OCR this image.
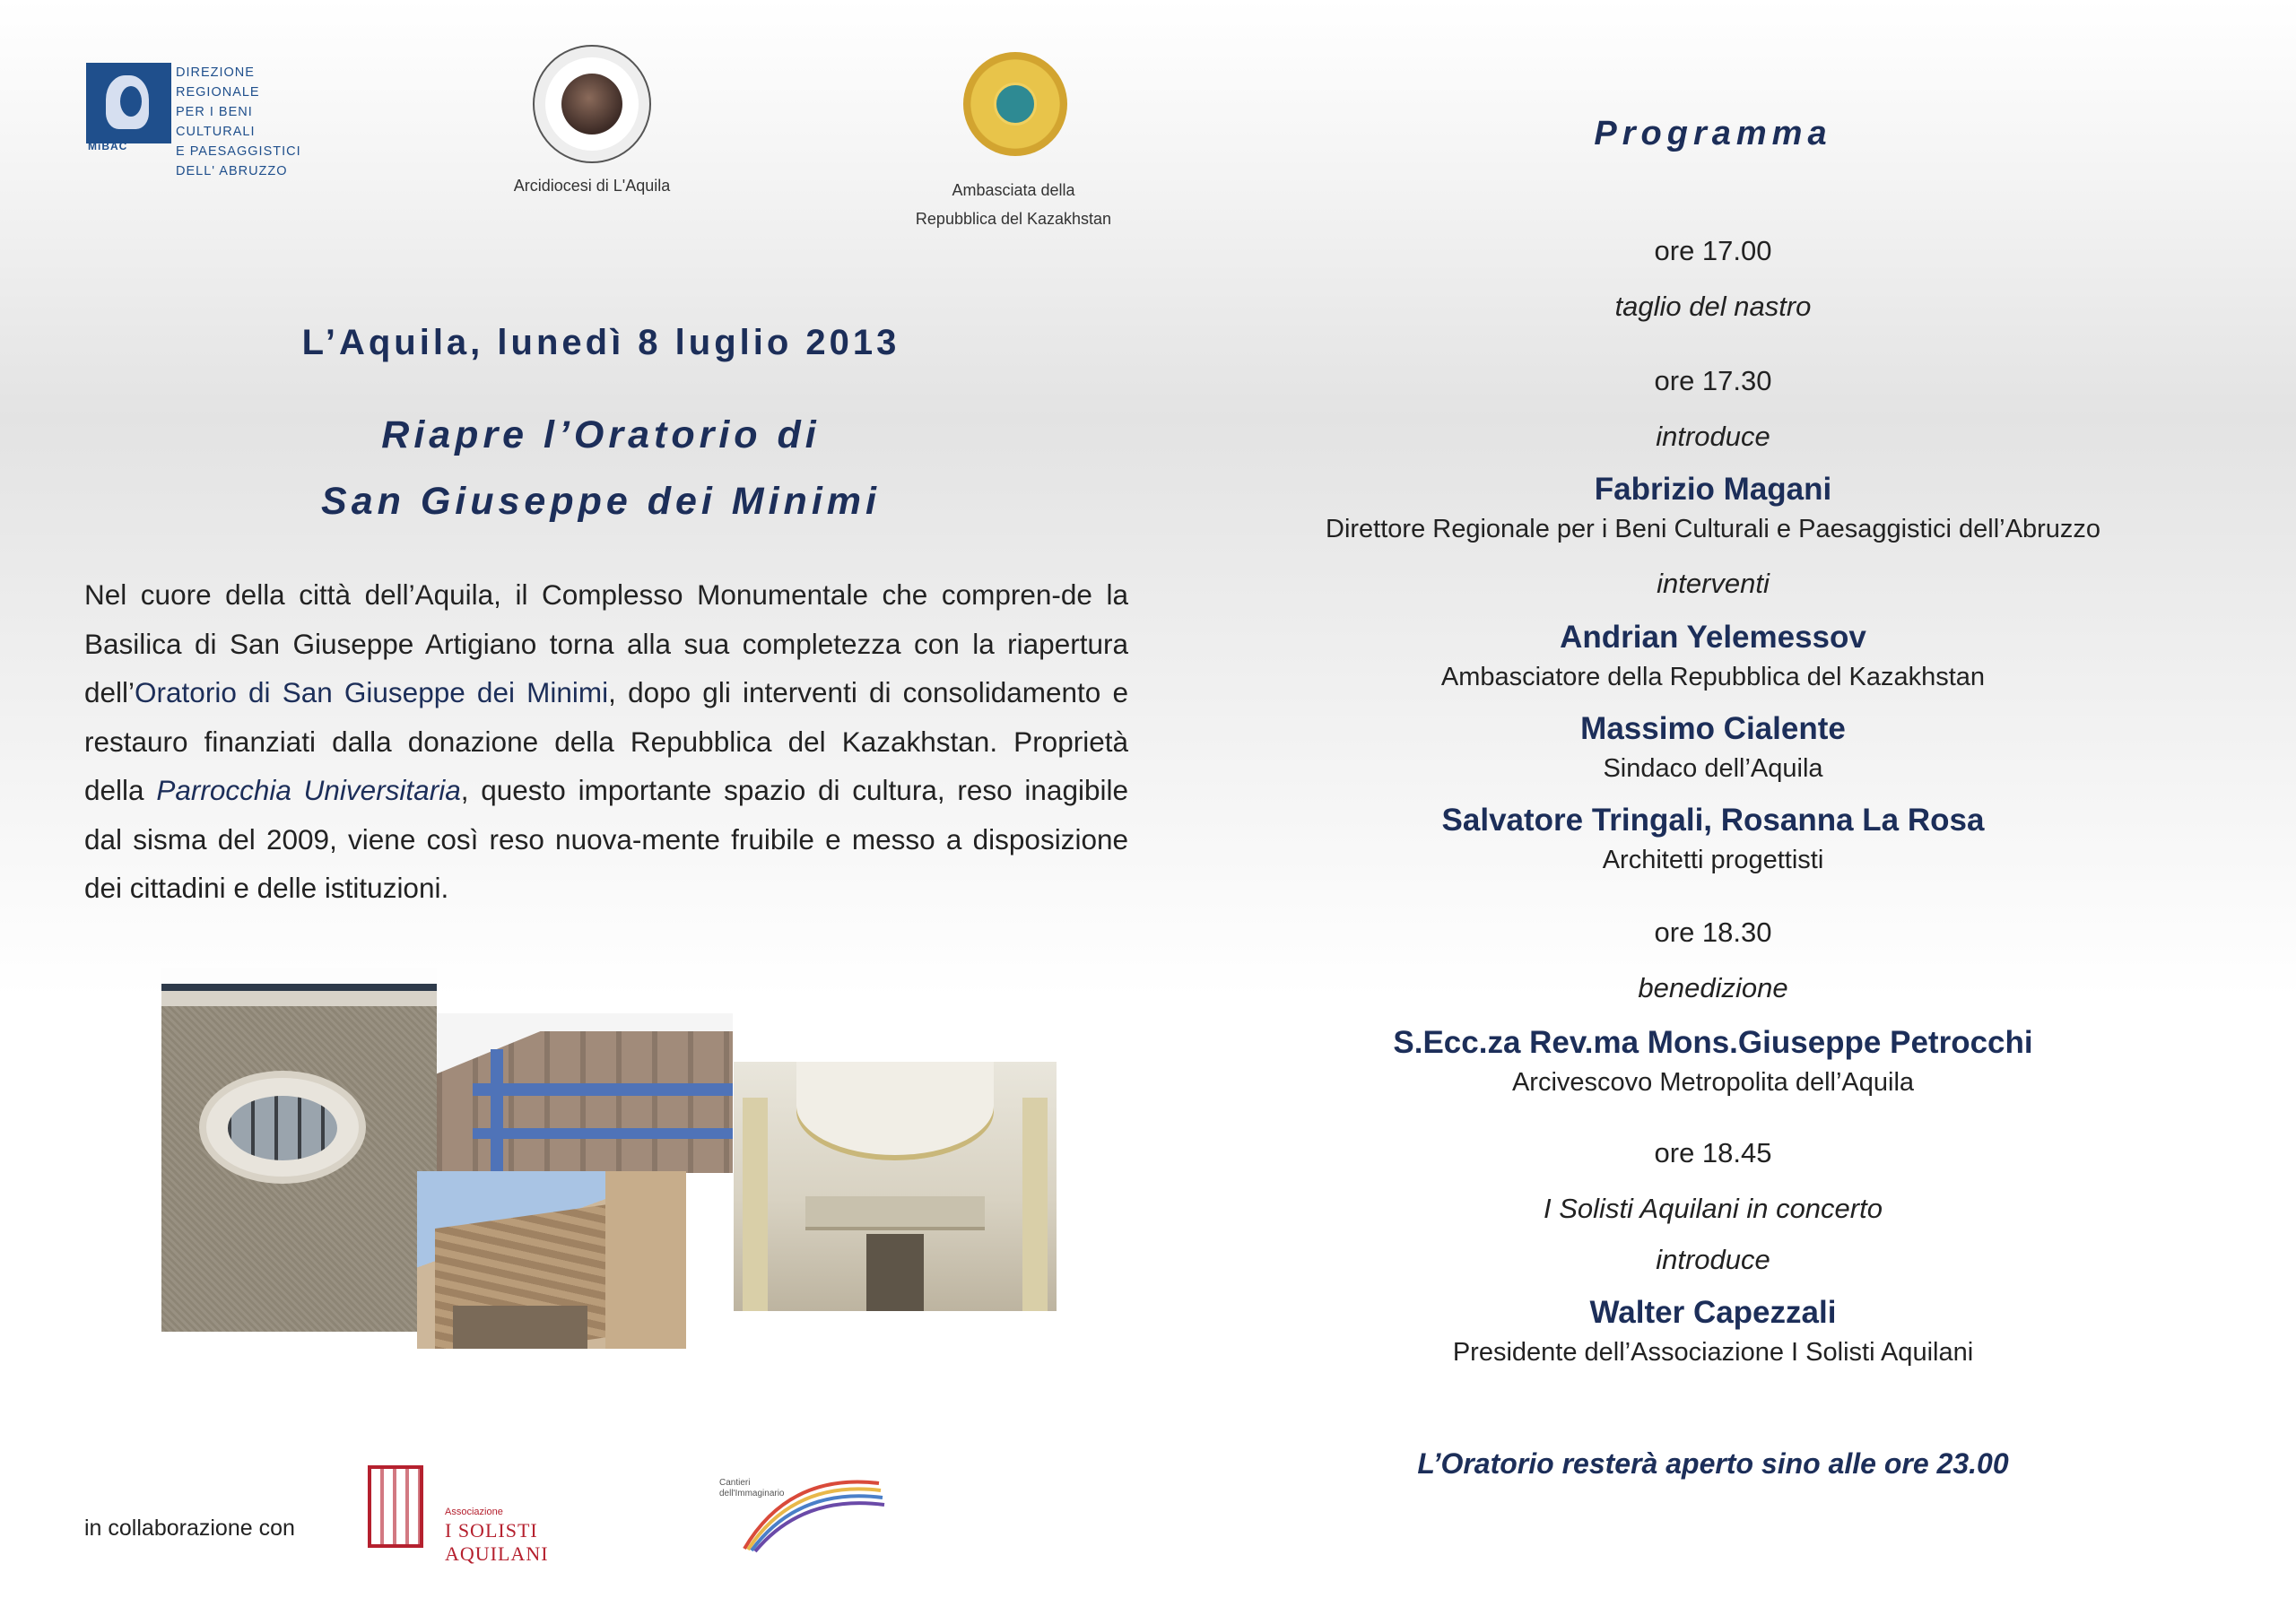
MiBAC
DIREZIONE REGIONALE
PER I BENI CULTURALI
E PAESAGGISTICI
DELL' ABRUZZO
Arcidiocesi di L'Aquila	Ambasciata della
Repubblica del Kazakhstan
L’Aquila, lunedì 8 luglio 2013
Riapre l’Oratorio di
San Giuseppe dei Minimi
Nel cuore della città dell’Aquila, il Complesso Monumentale che compren-de la Basilica di San Giuseppe Artigiano torna alla sua completezza con la riapertura dell’Oratorio di San Giuseppe dei Minimi, dopo gli interventi di consolidamento e restauro finanziati dalla donazione della Repubblica del Kazakhstan. Proprietà della Parrocchia Universitaria, questo importante spazio di cultura, reso inagibile dal sisma del 2009, viene così reso nuova-mente fruibile e messo a disposizione dei cittadini e delle istituzioni.
in collaborazione con
Associazione
I SOLISTI AQUILANI
Cantieri
dell'Immaginario
Programma
ore 17.00
taglio del nastro
ore 17.30
introduce
Fabrizio Magani
Direttore Regionale per i Beni Culturali e Paesaggistici dell’Abruzzo
interventi
Andrian Yelemessov
Ambasciatore della Repubblica del Kazakhstan
Massimo Cialente
Sindaco dell’Aquila
Salvatore Tringali, Rosanna La Rosa
Architetti progettisti
ore 18.30
benedizione
S.Ecc.za Rev.ma Mons.Giuseppe Petrocchi
Arcivescovo Metropolita dell’Aquila
ore 18.45
I Solisti Aquilani in concerto
introduce
Walter Capezzali
Presidente dell’Associazione I Solisti Aquilani
L’Oratorio resterà aperto sino alle ore 23.00
